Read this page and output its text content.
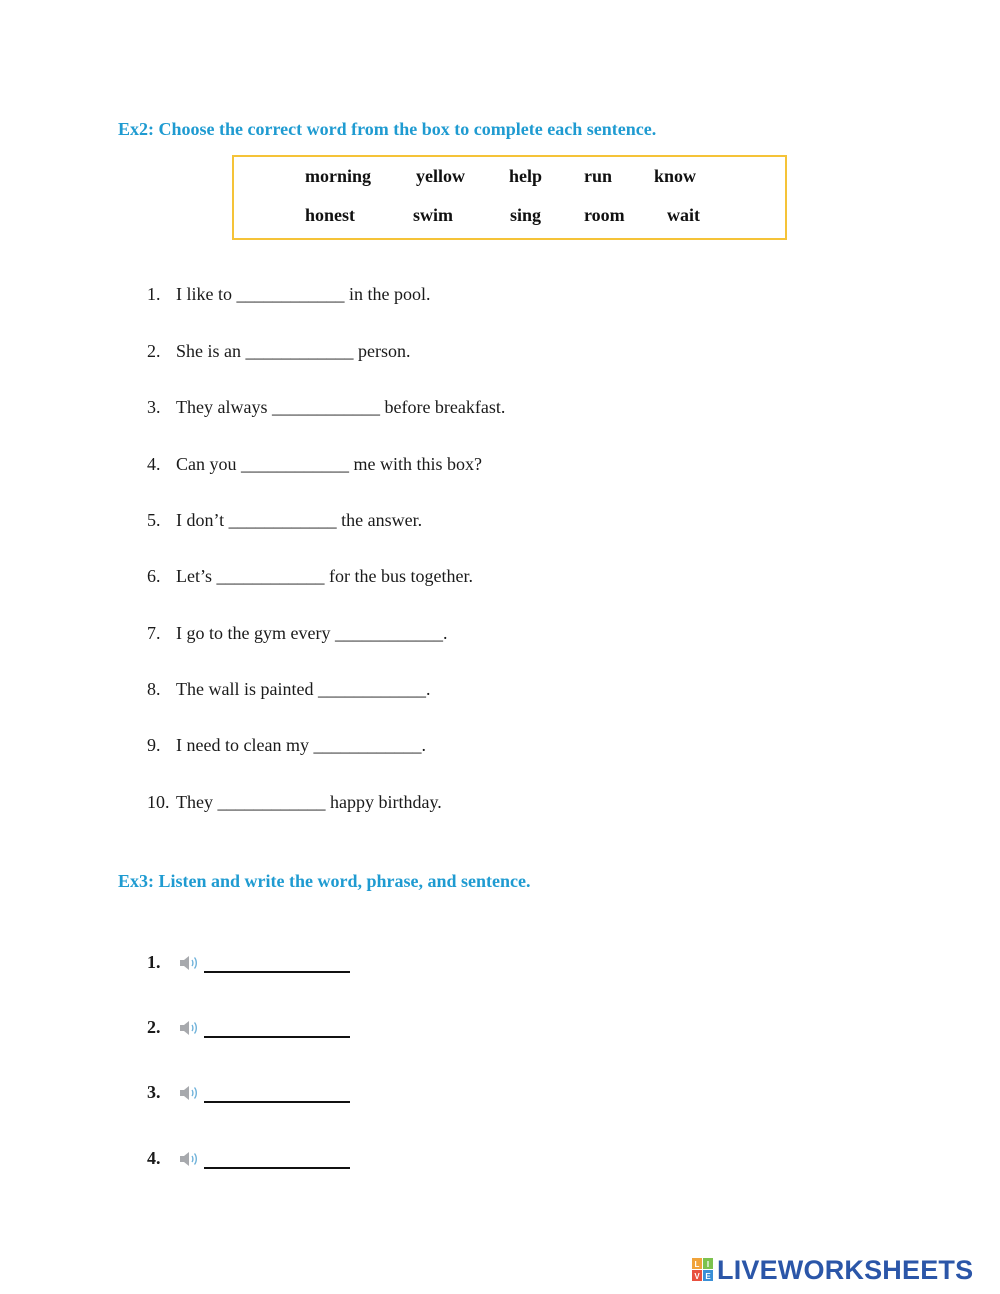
Ex2: Choose the correct word from the box to complete each sentence.
morning yellow help run know
honest	swim	sing room wait
1. I like to ____________ in the pool.
2. She is an ____________ person.
3. They always ____________ before breakfast.
4. Can you ____________ me with this box?
5. I don’t ____________ the answer.
6. Let’s ____________ for the bus together.
7. I go to the gym every ____________.
8. The wall is painted ____________.
9. I need to clean my ____________.
10. They ____________ happy birthday.
Ex3: Listen and write the word, phrase, and sentence.
1.
2.
3.
4.
L I
V E LIVEWORKSHEETS
